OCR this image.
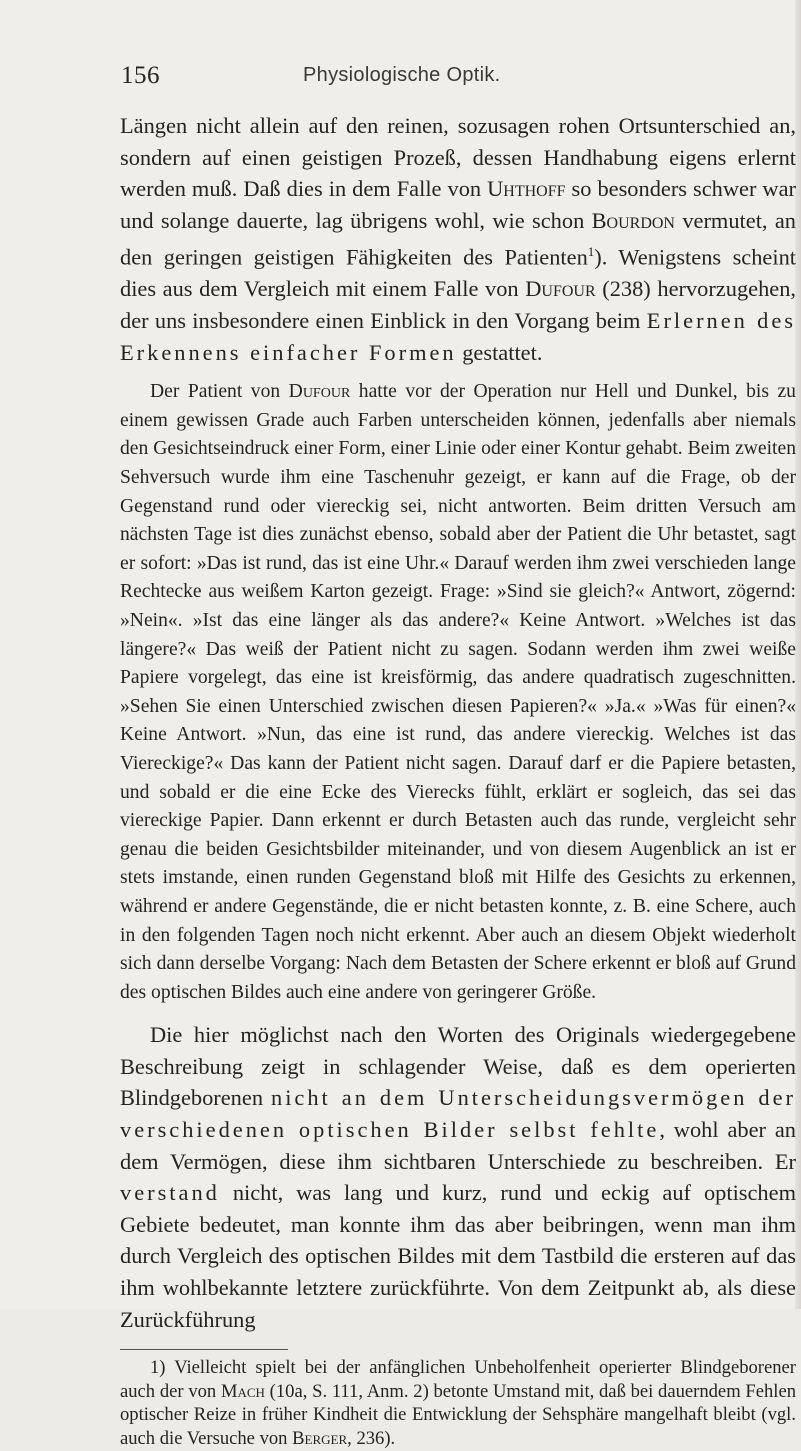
156	Physiologische Optik.

Längen nicht allein auf den reinen, sozusagen rohen Ortsunterschied an, sondern auf einen geistigen Prozeß, dessen Handhabung eigens erlernt werden muß. Daß dies in dem Falle von Uhthoff so besonders schwer war und solange dauerte, lag übrigens wohl, wie schon Bourdon vermutet, an den geringen geistigen Fähigkeiten des Patienten$^1$). Wenigstens scheint dies aus dem Vergleich mit einem Falle von Dufour (238) hervorzugehen, der uns insbesondere einen Einblick in den Vorgang beim Erlernen des Erkennens einfacher Formen gestattet.

Der Patient von Dufour hatte vor der Operation nur Hell und Dunkel, bis zu einem gewissen Grade auch Farben unterscheiden können, jedenfalls aber niemals den Gesichtseindruck einer Form, einer Linie oder einer Kontur gehabt. Beim zweiten Sehversuch wurde ihm eine Taschenuhr gezeigt, er kann auf die Frage, ob der Gegenstand rund oder viereckig sei, nicht antworten. Beim dritten Versuch am nächsten Tage ist dies zunächst ebenso, sobald aber der Patient die Uhr betastet, sagt er sofort: »Das ist rund, das ist eine Uhr.« Darauf werden ihm zwei verschieden lange Rechtecke aus weißem Karton gezeigt. Frage: »Sind sie gleich?« Antwort, zögernd: »Nein«. »Ist das eine länger als das andere?« Keine Antwort. »Welches ist das längere?« Das weiß der Patient nicht zu sagen. Sodann werden ihm zwei weiße Papiere vorgelegt, das eine ist kreisförmig, das andere quadratisch zugeschnitten. »Sehen Sie einen Unterschied zwischen diesen Papieren?« »Ja.« »Was für einen?« Keine Antwort. »Nun, das eine ist rund, das andere viereckig. Welches ist das Viereckige?« Das kann der Patient nicht sagen. Darauf darf er die Papiere betasten, und sobald er die eine Ecke des Vierecks fühlt, erklärt er sogleich, das sei das viereckige Papier. Dann erkennt er durch Betasten auch das runde, vergleicht sehr genau die beiden Gesichtsbilder miteinander, und von diesem Augenblick an ist er stets imstande, einen runden Gegenstand bloß mit Hilfe des Gesichts zu erkennen, während er andere Gegenstände, die er nicht betasten konnte, z. B. eine Schere, auch in den folgenden Tagen noch nicht erkennt. Aber auch an diesem Objekt wiederholt sich dann derselbe Vorgang: Nach dem Betasten der Schere erkennt er bloß auf Grund des optischen Bildes auch eine andere von geringerer Größe.

Die hier möglichst nach den Worten des Originals wiedergegebene Beschreibung zeigt in schlagender Weise, daß es dem operierten Blindgeborenen nicht an dem Unterscheidungsvermögen der verschiedenen optischen Bilder selbst fehlte, wohl aber an dem Vermögen, diese ihm sichtbaren Unterschiede zu beschreiben. Er verstand nicht, was lang und kurz, rund und eckig auf optischem Gebiete bedeutet, man konnte ihm das aber beibringen, wenn man ihm durch Vergleich des optischen Bildes mit dem Tastbild die ersteren auf das ihm wohlbekannte letztere zurückführte. Von dem Zeitpunkt ab, als diese Zurückführung

1) Vielleicht spielt bei der anfänglichen Unbeholfenheit operierter Blindgeborener auch der von Mach (10a, S. 111, Anm. 2) betonte Umstand mit, daß bei dauerndem Fehlen optischer Reize in früher Kindheit die Entwicklung der Sehsphäre mangelhaft bleibt (vgl. auch die Versuche von Berger, 236).
